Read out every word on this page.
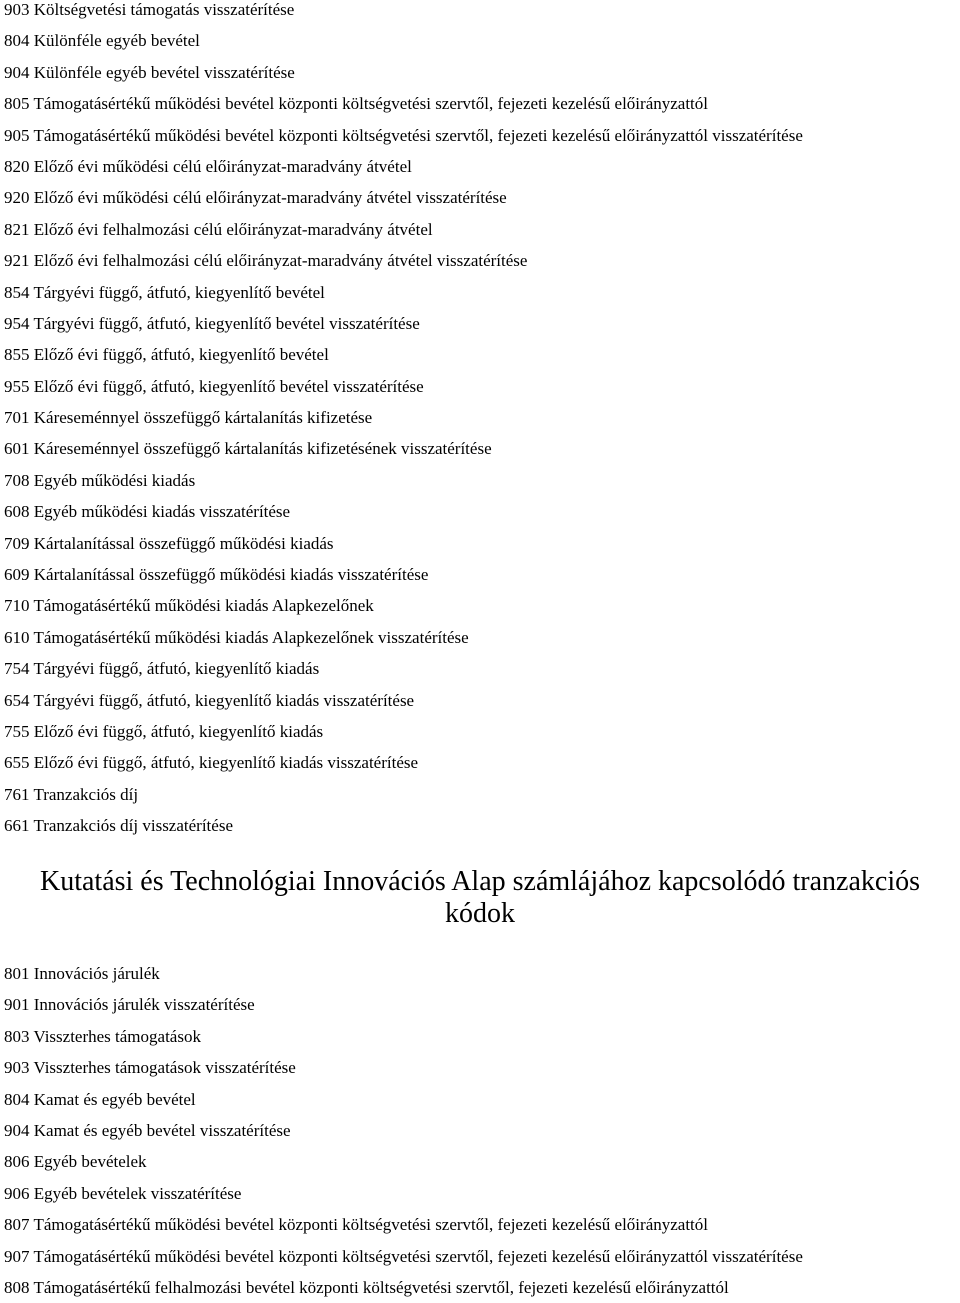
903 Költségvetési támogatás visszatérítése
804 Különféle egyéb bevétel
904 Különféle egyéb bevétel visszatérítése
805 Támogatásértékű működési bevétel központi költségvetési szervtől, fejezeti kezelésű előirányzattól
905 Támogatásértékű működési bevétel központi költségvetési szervtől, fejezeti kezelésű előirányzattól visszatérítése
820 Előző évi működési célú előirányzat-maradvány átvétel
920 Előző évi működési célú előirányzat-maradvány átvétel visszatérítése
821 Előző évi felhalmozási célú előirányzat-maradvány átvétel
921 Előző évi felhalmozási célú előirányzat-maradvány átvétel visszatérítése
854 Tárgyévi függő, átfutó, kiegyenlítő bevétel
954 Tárgyévi függő, átfutó, kiegyenlítő bevétel visszatérítése
855 Előző évi függő, átfutó, kiegyenlítő bevétel
955 Előző évi függő, átfutó, kiegyenlítő bevétel visszatérítése
701 Káreseménnyel összefüggő kártalanítás kifizetése
601 Káreseménnyel összefüggő kártalanítás kifizetésének visszatérítése
708 Egyéb működési kiadás
608 Egyéb működési kiadás visszatérítése
709 Kártalanítással összefüggő működési kiadás
609 Kártalanítással összefüggő működési kiadás visszatérítése
710 Támogatásértékű működési kiadás Alapkezelőnek
610 Támogatásértékű működési kiadás Alapkezelőnek visszatérítése
754 Tárgyévi függő, átfutó, kiegyenlítő kiadás
654 Tárgyévi függő, átfutó, kiegyenlítő kiadás visszatérítése
755 Előző évi függő, átfutó, kiegyenlítő kiadás
655 Előző évi függő, átfutó, kiegyenlítő kiadás visszatérítése
761 Tranzakciós díj
661 Tranzakciós díj visszatérítése
Kutatási és Technológiai Innovációs Alap számlájához kapcsolódó tranzakciós
kódok
801 Innovációs járulék
901 Innovációs járulék visszatérítése
803 Visszterhes támogatások
903 Visszterhes támogatások visszatérítése
804 Kamat és egyéb bevétel
904 Kamat és egyéb bevétel visszatérítése
806 Egyéb bevételek
906 Egyéb bevételek visszatérítése
807 Támogatásértékű működési bevétel központi költségvetési szervtől, fejezeti kezelésű előirányzattól
907 Támogatásértékű működési bevétel központi költségvetési szervtől, fejezeti kezelésű előirányzattól visszatérítése
808 Támogatásértékű felhalmozási bevétel központi költségvetési szervtől, fejezeti kezelésű előirányzattól
